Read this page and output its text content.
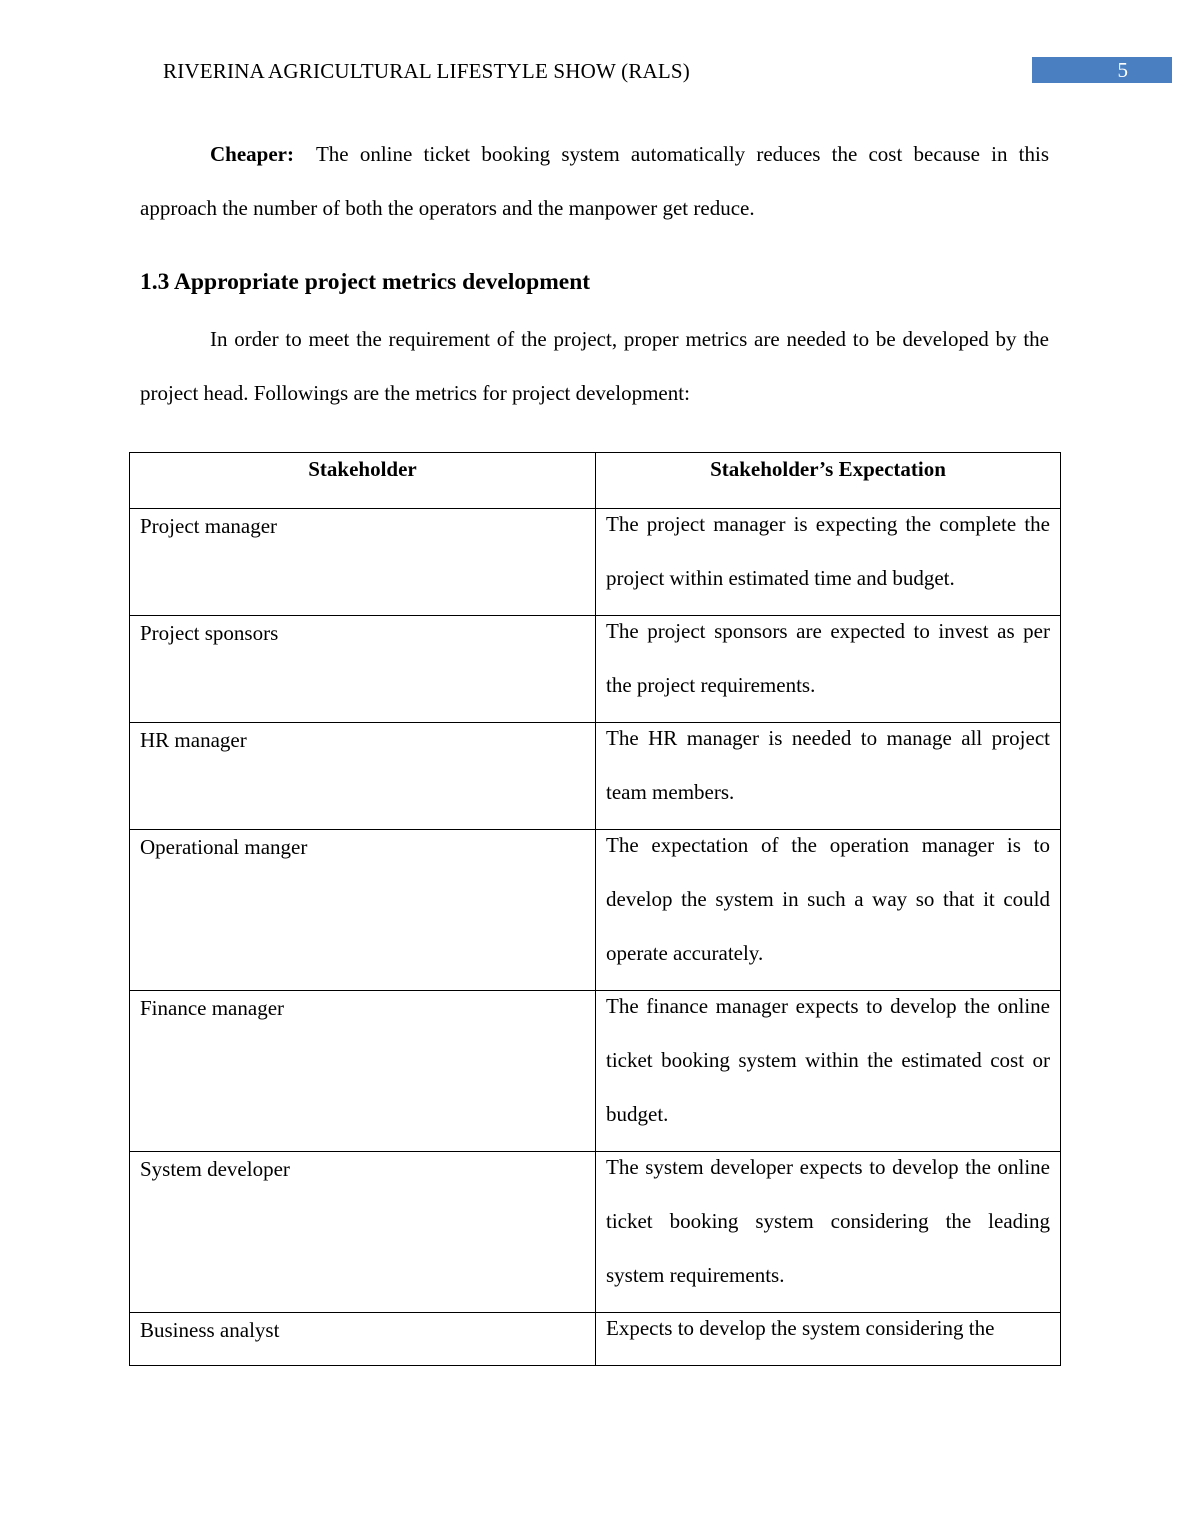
RIVERINA AGRICULTURAL LIFESTYLE SHOW (RALS)	5
Cheaper: The online ticket booking system automatically reduces the cost because in this approach the number of both the operators and the manpower get reduce.
1.3 Appropriate project metrics development
In order to meet the requirement of the project, proper metrics are needed to be developed by the project head. Followings are the metrics for project development:
Stakeholder	Stakeholder’s Expectation
Project manager	The project manager is expecting the complete the project within estimated time and budget.

Project sponsors	The project sponsors are expected to invest as per the project requirements.

HR manager	The HR manager is needed to manage all project team members.

Operational manger	The expectation of the operation manager is to develop the system in such a way so that it could operate accurately.

Finance manager	The finance manager expects to develop the online ticket booking system within the estimated cost or budget.

System developer	The system developer expects to develop the online ticket booking system considering the leading system requirements.

Business analyst	Expects to develop the system considering the
